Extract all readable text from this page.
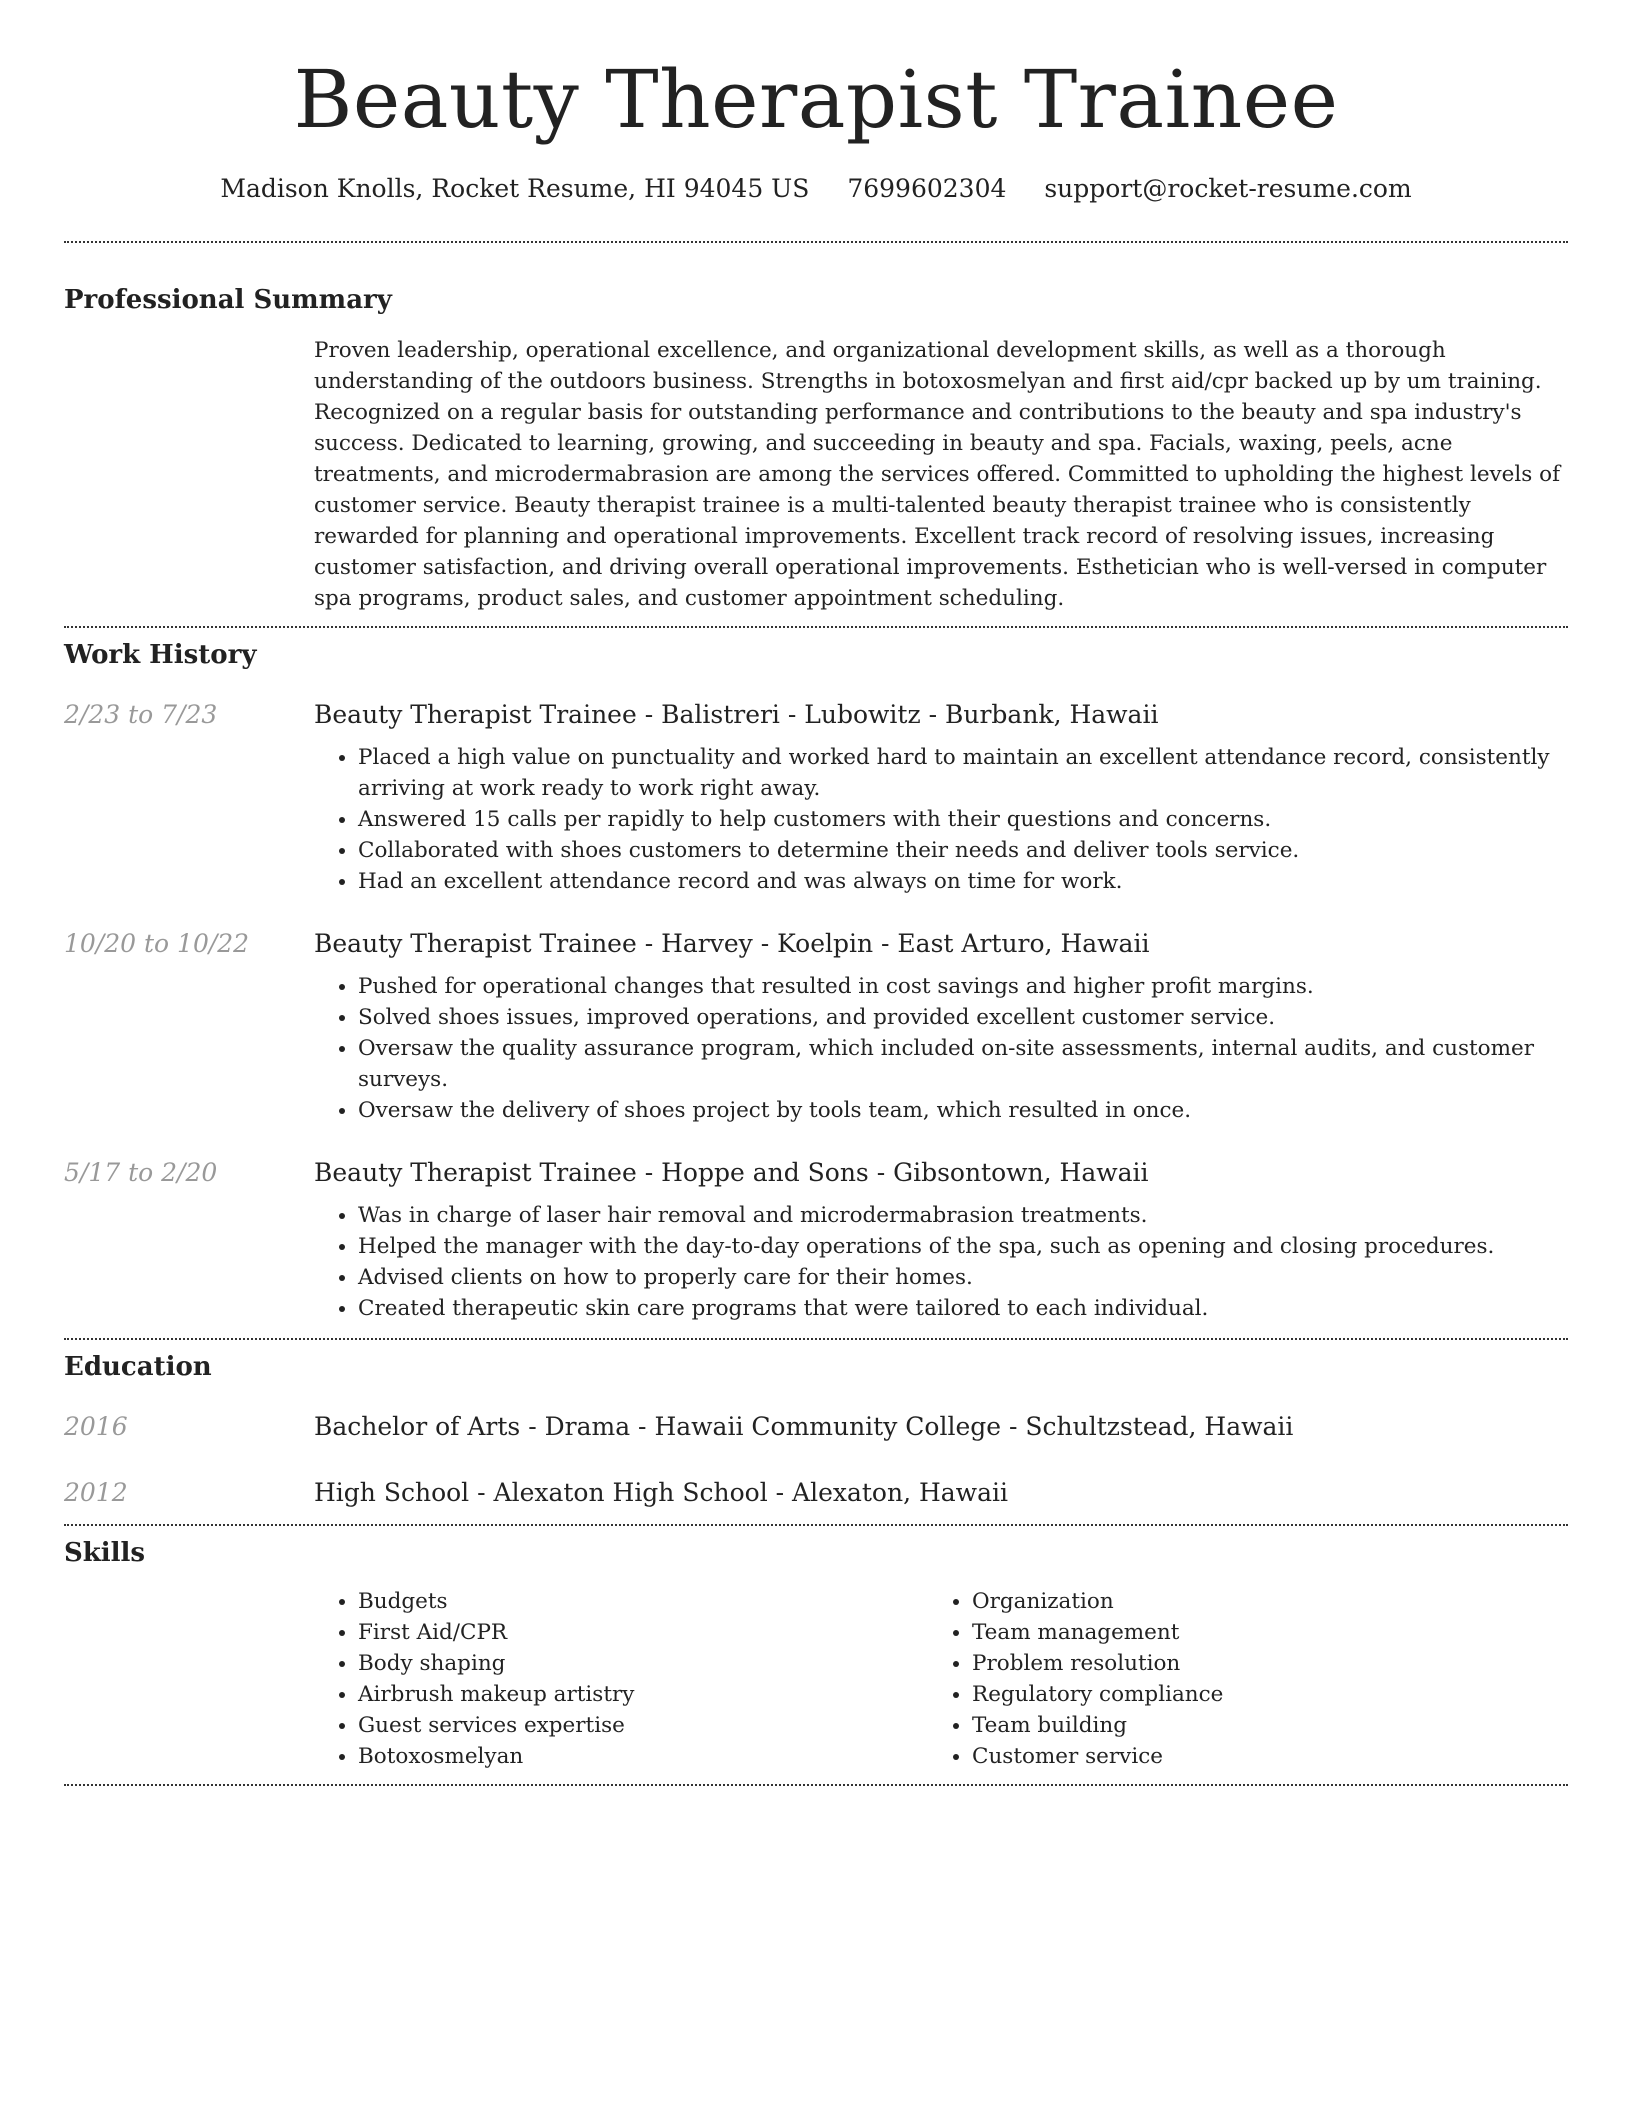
Beauty Therapist Trainee
Madison Knolls, Rocket Resume, HI 94045 US 7699602304 support@rocket-resume.com
Professional Summary

Proven leadership, operational excellence, and organizational development skills, as well as a thorough understanding of the outdoors business. Strengths in botoxosmelyan and first aid/cpr backed up by um training. Recognized on a regular basis for outstanding performance and contributions to the beauty and spa industry's success. Dedicated to learning, growing, and succeeding in beauty and spa. Facials, waxing, peels, acne treatments, and microdermabrasion are among the services offered. Committed to upholding the highest levels of customer service. Beauty therapist trainee is a multi-talented beauty therapist trainee who is consistently rewarded for planning and operational improvements. Excellent track record of resolving issues, increasing customer satisfaction, and driving overall operational improvements. Esthetician who is well-versed in computer spa programs, product sales, and customer appointment scheduling.

Work History
2/23 to 7/23	Beauty Therapist Trainee - Balistreri - Lubowitz - Burbank, Hawaii
• Placed a high value on punctuality and worked hard to maintain an excellent attendance record, consistently arriving at work ready to work right away.
• Answered 15 calls per rapidly to help customers with their questions and concerns.
• Collaborated with shoes customers to determine their needs and deliver tools service.
• Had an excellent attendance record and was always on time for work.
10/20 to 10/22	Beauty Therapist Trainee - Harvey - Koelpin - East Arturo, Hawaii
• Pushed for operational changes that resulted in cost savings and higher profit margins.
• Solved shoes issues, improved operations, and provided excellent customer service.
• Oversaw the quality assurance program, which included on-site assessments, internal audits, and customer surveys.
• Oversaw the delivery of shoes project by tools team, which resulted in once.
5/17 to 2/20	Beauty Therapist Trainee - Hoppe and Sons - Gibsontown, Hawaii
• Was in charge of laser hair removal and microdermabrasion treatments.
• Helped the manager with the day-to-day operations of the spa, such as opening and closing procedures.
• Advised clients on how to properly care for their homes.
• Created therapeutic skin care programs that were tailored to each individual.
Education
2016	Bachelor of Arts - Drama - Hawaii Community College - Schultzstead, Hawaii
2012	High School - Alexaton High School - Alexaton, Hawaii
Skills
• Budgets
• First Aid/CPR
• Body shaping
• Airbrush makeup artistry
• Guest services expertise
• Botoxosmelyan
• Organization
• Team management
• Problem resolution
• Regulatory compliance
• Team building
• Customer service
